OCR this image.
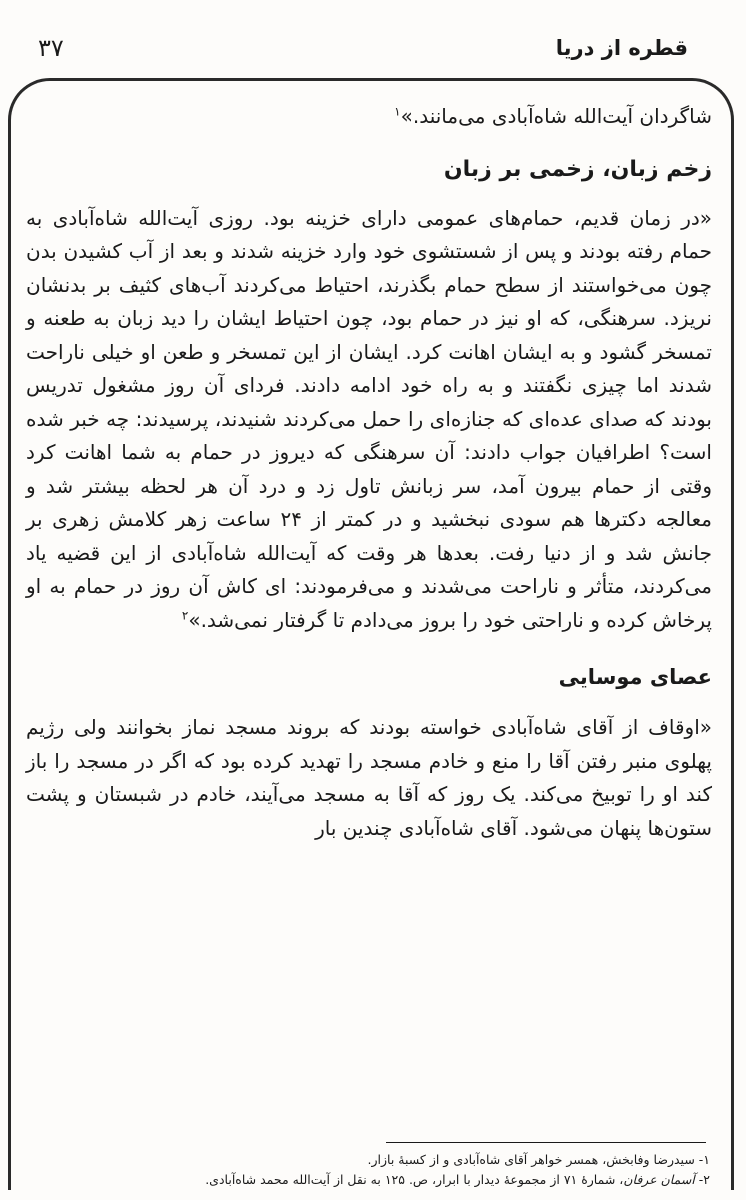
۳۷	قطره از دریا

شاگردان آیت‌الله شاه‌آبادی می‌مانند.»$^۱$

زخم زبان، زخمی بر زبان

«در زمان قدیم، حمام‌های عمومی دارای خزینه بود. روزی آیت‌الله شاه‌آبادی به حمام رفته بودند و پس از شستشوی خود وارد خزینه شدند و بعد از آب کشیدن بدن چون می‌خواستند از سطح حمام بگذرند، احتیاط می‌کردند آب‌های کثیف بر بدنشان نریزد. سرهنگی، که او نیز در حمام بود، چون احتیاط ایشان را دید زبان به طعنه و تمسخر گشود و به ایشان اهانت کرد. ایشان از این تمسخر و طعن او خیلی ناراحت شدند اما چیزی نگفتند و به راه خود ادامه دادند. فردای آن روز مشغول تدریس بودند که صدای عده‌ای که جنازه‌ای را حمل می‌کردند شنیدند، پرسیدند: چه خبر شده است؟ اطرافیان جواب دادند: آن سرهنگی که دیروز در حمام به شما اهانت کرد وقتی از حمام بیرون آمد، سر زبانش تاول زد و درد آن هر لحظه بیشتر شد و معالجه دکترها هم سودی نبخشید و در کمتر از ۲۴ ساعت زهر کلامش زهری بر جانش شد و از دنیا رفت. بعدها هر وقت که آیت‌الله شاه‌آبادی از این قضیه یاد می‌کردند، متأثر و ناراحت می‌شدند و می‌فرمودند: ای کاش آن روز در حمام به او پرخاش کرده و ناراحتی خود را بروز می‌دادم تا گرفتار نمی‌شد.»$^۲$

عصای موسایی

«اوقاف از آقای شاه‌آبادی خواسته بودند که بروند مسجد نماز بخوانند ولی رژیم پهلوی منبر رفتن آقا را منع و خادم مسجد را تهدید کرده بود که اگر در مسجد را باز کند او را توبیخ می‌کند. یک روز که آقا به مسجد می‌آیند، خادم در شبستان و پشت ستون‌ها پنهان می‌شود. آقای شاه‌آبادی چندین بار

۱- سیدرضا وفابخش، همسر خواهر آقای شاه‌آبادی و از کسبهٔ بازار.

۲- آسمان عرفان، شمارهٔ ۷۱ از مجموعهٔ دیدار با ابرار، ص. ۱۲۵ به نقل از آیت‌الله محمد شاه‌آبادی.
